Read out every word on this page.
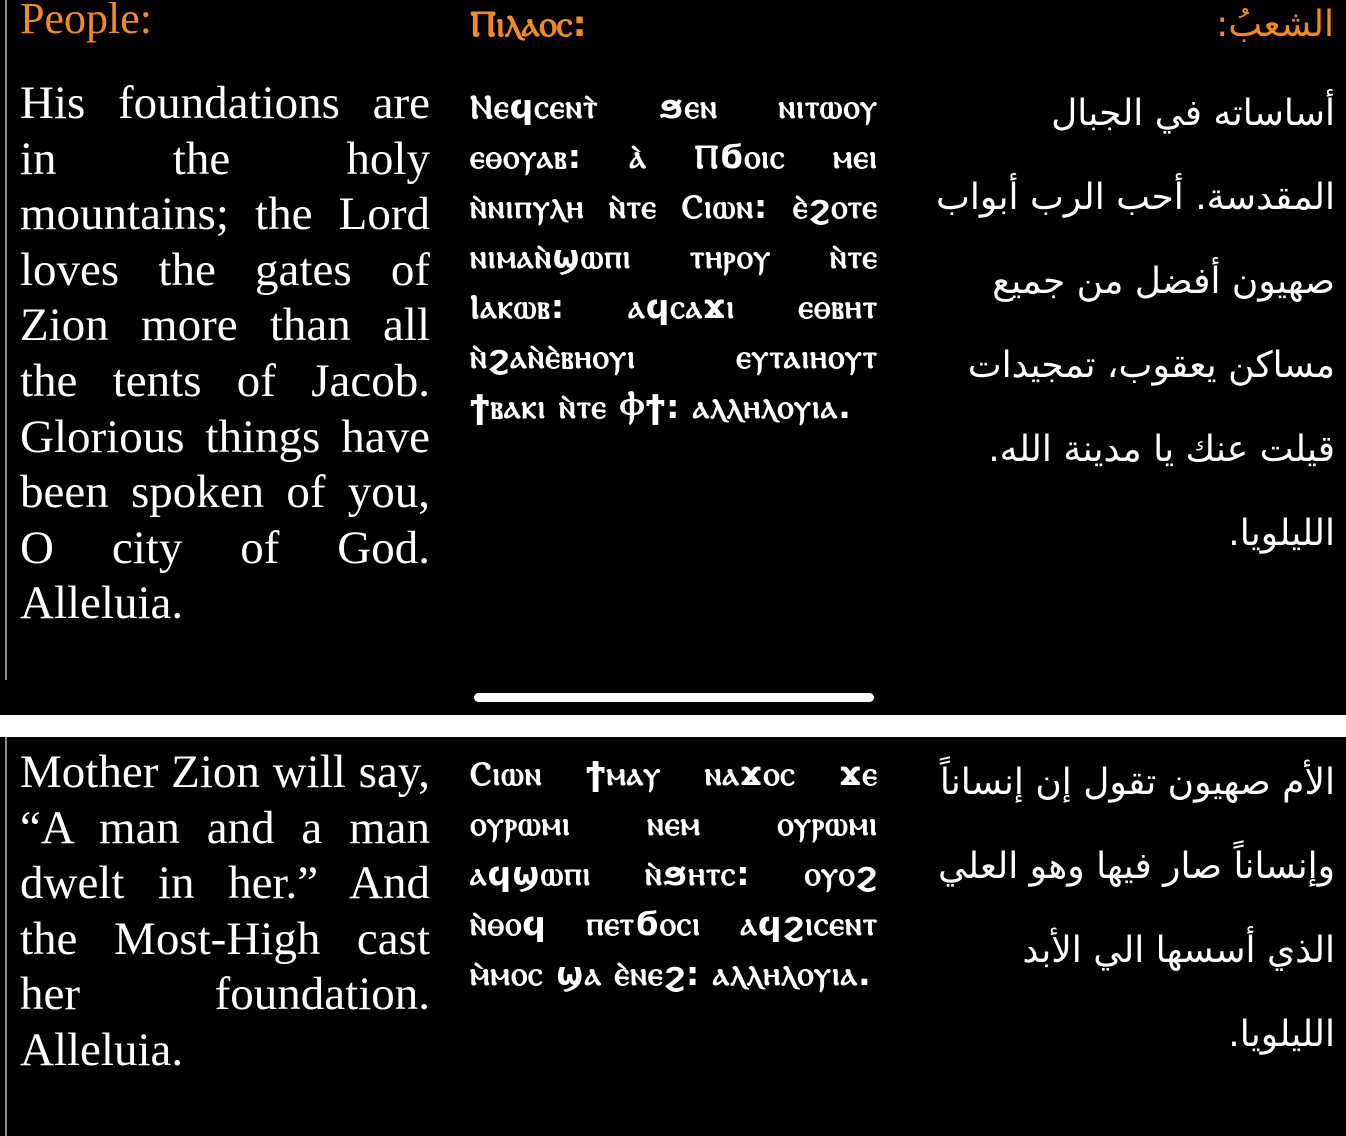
People:	Ⲡⲓⲗⲁⲟⲥ:	الشعبُ:
His foundations are in the holy mountains; the Lord loves the gates of Zion more than all the tents of Jacob. Glorious things have been spoken of you, O city of God. Alleluia.
Ⲛⲉϥⲥⲉⲛⲧ̀ ϧⲉⲛ ⲛⲓⲧⲱⲟⲩ ⲉⲑⲟⲩⲁⲃ: ⲁ̀ Ⲡϭⲟⲓⲥ ⲙⲉⲓ ⲛ̀ⲛⲓⲡⲩⲗⲏ ⲛ̀ⲧⲉ Ⲥⲓⲱⲛ: ⲉ̀ϩⲟⲧⲉ ⲛⲓⲙⲁⲛ̀ϣⲱⲡⲓ ⲧⲏⲣⲟⲩ ⲛ̀ⲧⲉ Ⲓⲁⲕⲱⲃ: ⲁϥⲥⲁϫⲓ ⲉⲑⲃⲏⲧ ⲛ̀ϩⲁⲛ̀ⲉ̀ⲃⲏⲟⲩⲓ ⲉⲩⲧⲁⲓⲏⲟⲩⲧ ϯⲃⲁⲕⲓ ⲛ̀ⲧⲉ Ⲫϯ: ⲁⲗⲗⲏⲗⲟⲩⲓⲁ.
أساساته في الجبال المقدسة. أحب الرب أبواب صهيون أفضل من جميع مساكن يعقوب، تمجيدات قيلت عنك يا مدينة الله. الليلويا.
Mother Zion will say, “A man and a man dwelt in her.” And the Most-High cast her foundation. Alleluia.
Ⲥⲓⲱⲛ ϯⲙⲁⲩ ⲛⲁϫⲟⲥ ϫⲉ ⲟⲩⲣⲱⲙⲓ ⲛⲉⲙ ⲟⲩⲣⲱⲙⲓ ⲁϥϣⲱⲡⲓ ⲛ̀ϧⲏⲧⲥ: ⲟⲩⲟϩ ⲛ̀ⲑⲟϥ ⲡⲉⲧϭⲟⲥⲓ ⲁϥϩⲓⲥⲉⲛⲧ ⲙ̀ⲙⲟⲥ ϣⲁ ⲉ̀ⲛⲉϩ: ⲁⲗⲗⲏⲗⲟⲩⲓⲁ.
الأم صهيون تقول إن إنساناً وإنساناً صار فيها وهو العلي الذي أسسها الي الأبد الليلويا.
